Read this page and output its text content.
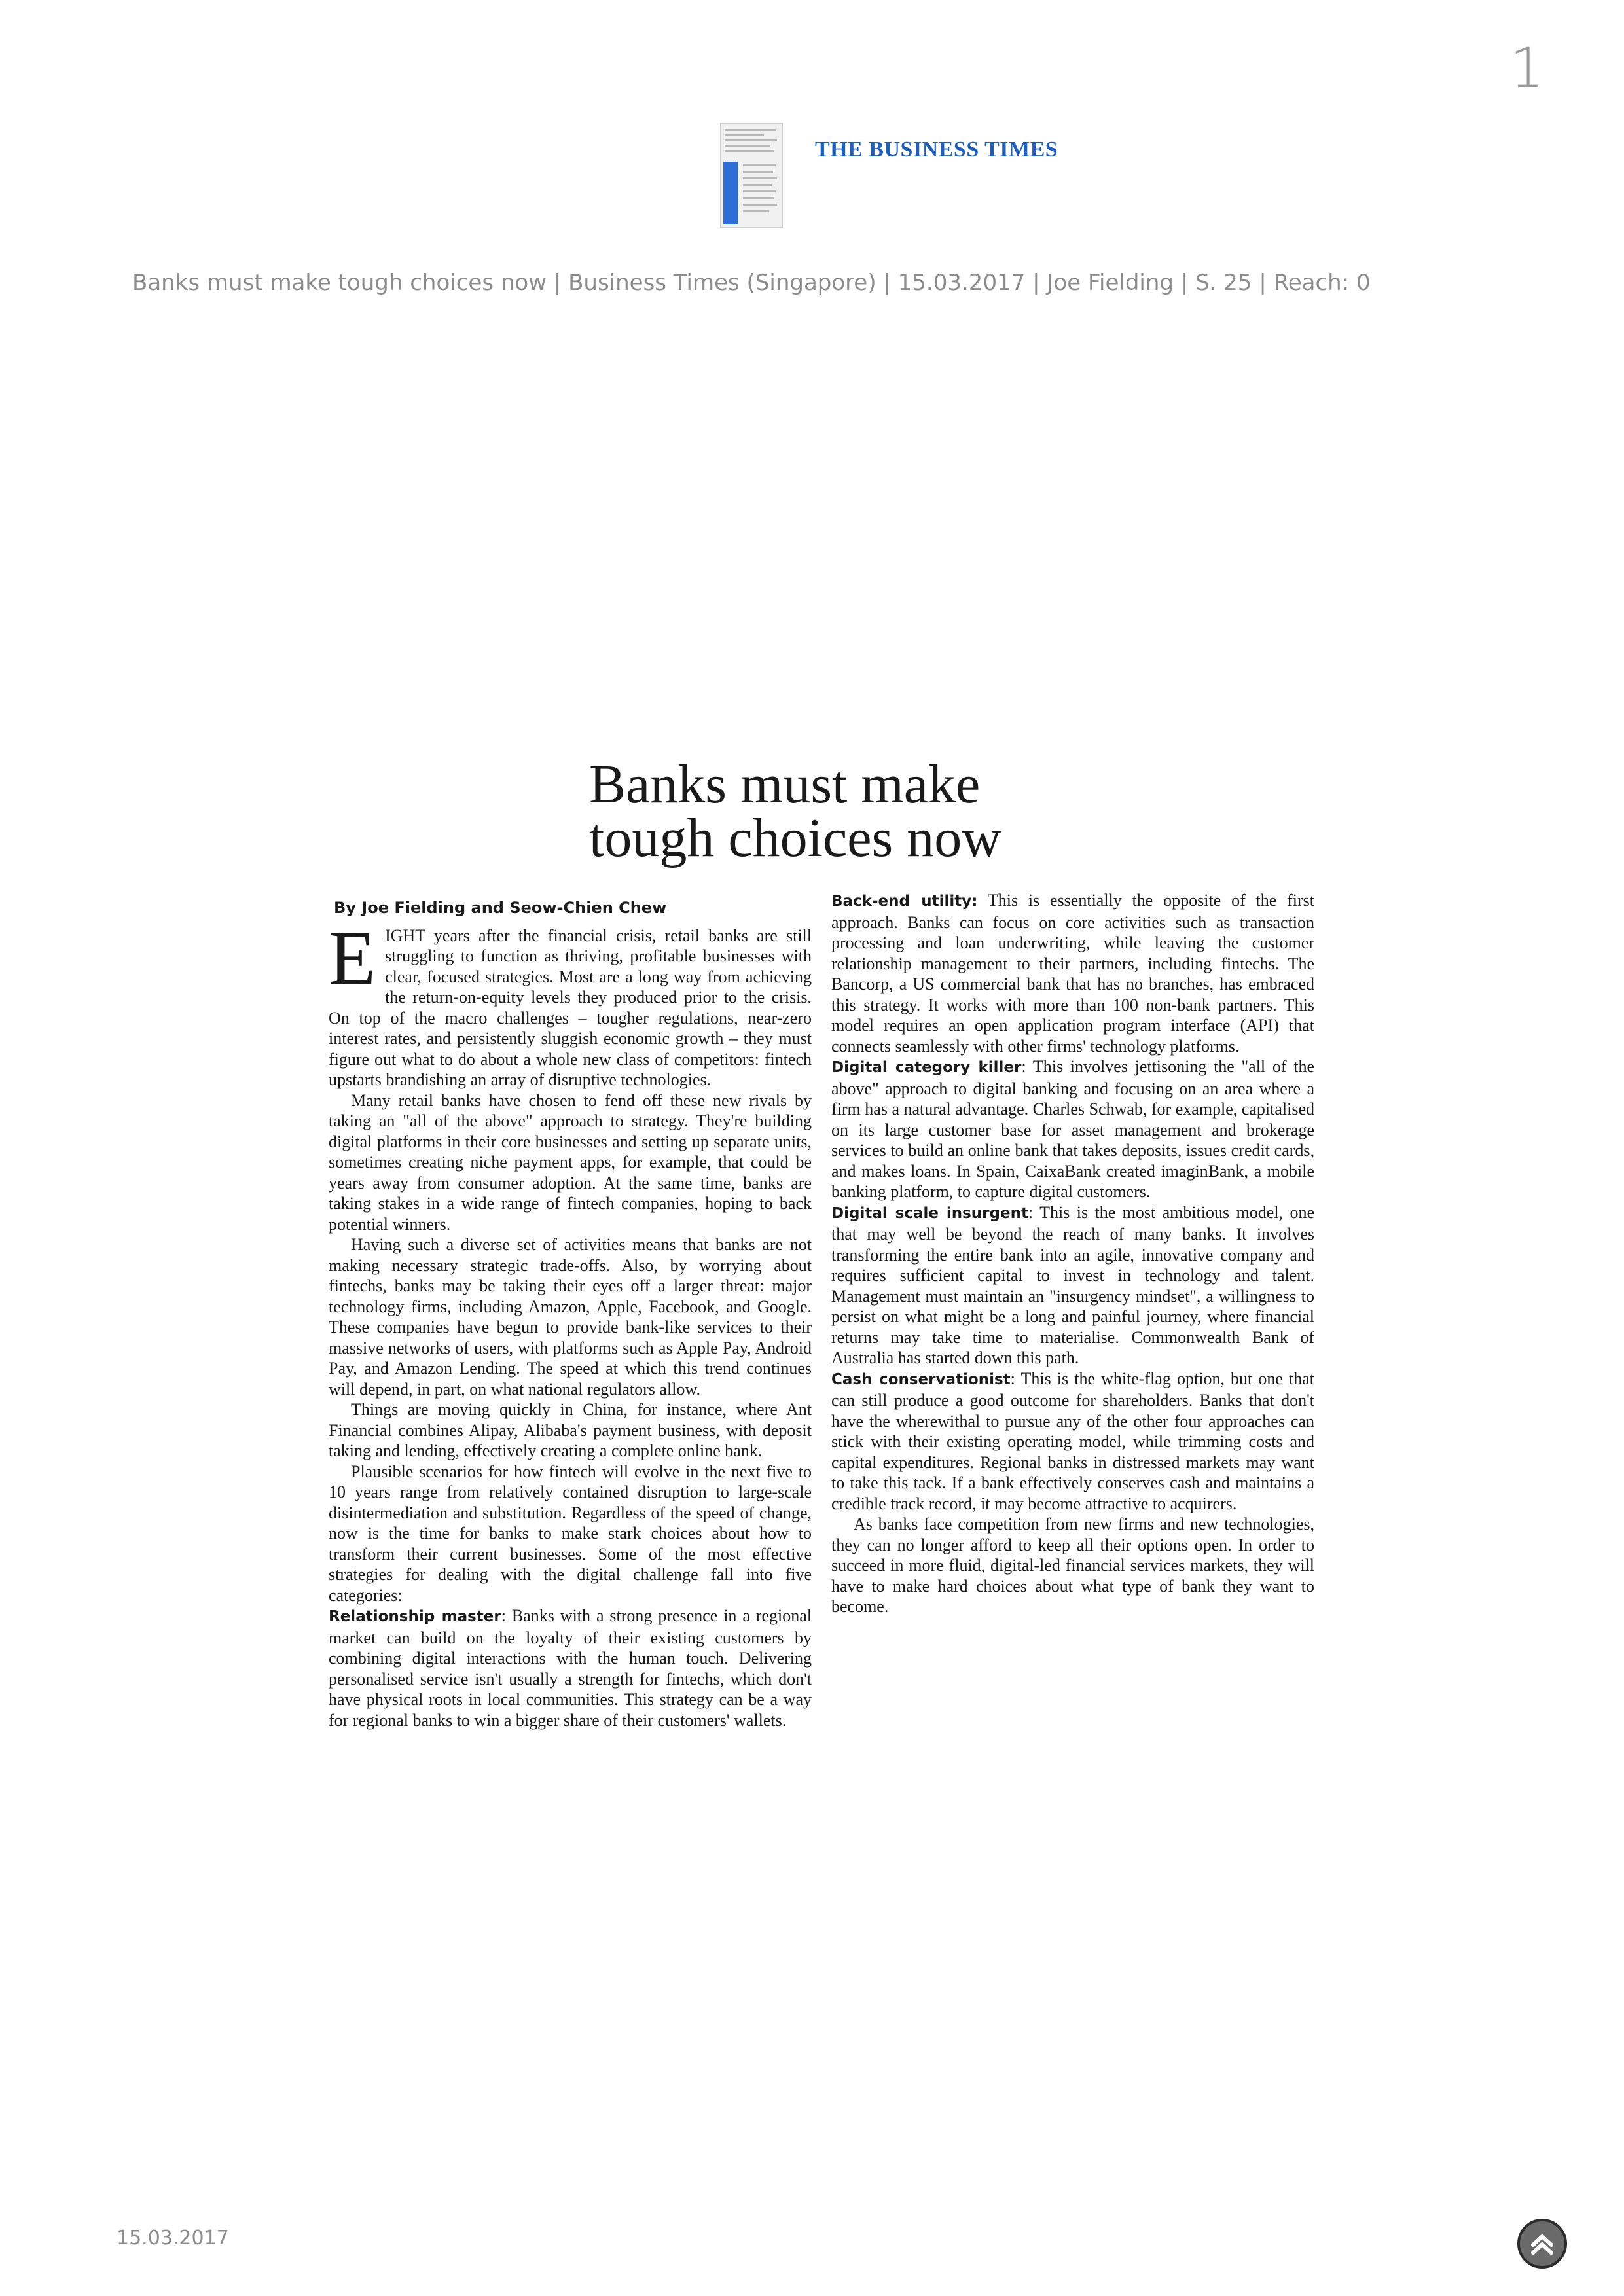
1
THE BUSINESS TIMES
Banks must make tough choices now | Business Times (Singapore) | 15.03.2017 | Joe Fielding | S. 25 | Reach: 0
Banks must make
tough choices now
By Joe Fielding and Seow-Chien Chew

EIGHT years after the financial crisis, retail banks are still struggling to function as thriving, profitable businesses with clear, focused strategies. Most are a long way from achieving the return-on-equity levels they produced prior to the crisis. On top of the macro challenges – tougher regulations, near-zero interest rates, and persistently sluggish economic growth – they must figure out what to do about a whole new class of competitors: fintech upstarts brandishing an array of disruptive technologies.

Many retail banks have chosen to fend off these new rivals by taking an "all of the above" approach to strategy. They're building digital platforms in their core businesses and setting up separate units, sometimes creating niche payment apps, for example, that could be years away from consumer adoption. At the same time, banks are taking stakes in a wide range of fintech companies, hoping to back potential winners.

Having such a diverse set of activities means that banks are not making necessary strategic trade-offs. Also, by worrying about fintechs, banks may be taking their eyes off a larger threat: major technology firms, including Amazon, Apple, Facebook, and Google. These companies have begun to provide bank-like services to their massive networks of users, with platforms such as Apple Pay, Android Pay, and Amazon Lending. The speed at which this trend continues will depend, in part, on what national regulators allow.

Things are moving quickly in China, for instance, where Ant Financial combines Alipay, Alibaba's payment business, with deposit taking and lending, effectively creating a complete online bank.

Plausible scenarios for how fintech will evolve in the next five to 10 years range from relatively contained disruption to large-scale disintermediation and substitution. Regardless of the speed of change, now is the time for banks to make stark choices about how to transform their current businesses. Some of the most effective strategies for dealing with the digital challenge fall into five categories:

Relationship master: Banks with a strong presence in a regional market can build on the loyalty of their existing customers by combining digital interactions with the human touch. Delivering personalised service isn't usually a strength for fintechs, which don't have physical roots in local communities. This strategy can be a way for regional banks to win a bigger share of their customers' wallets.

Back-end utility: This is essentially the opposite of the first approach. Banks can focus on core activities such as transaction processing and loan underwriting, while leaving the customer relationship management to their partners, including fintechs. The Bancorp, a US commercial bank that has no branches, has embraced this strategy. It works with more than 100 non-bank partners. This model requires an open application program interface (API) that connects seamlessly with other firms' technology platforms.

Digital category killer: This involves jettisoning the "all of the above" approach to digital banking and focusing on an area where a firm has a natural advantage. Charles Schwab, for example, capitalised on its large customer base for asset management and brokerage services to build an online bank that takes deposits, issues credit cards, and makes loans. In Spain, CaixaBank created imaginBank, a mobile banking platform, to capture digital customers.

Digital scale insurgent: This is the most ambitious model, one that may well be beyond the reach of many banks. It involves transforming the entire bank into an agile, innovative company and requires sufficient capital to invest in technology and talent. Management must maintain an "insurgency mindset", a willingness to persist on what might be a long and painful journey, where financial returns may take time to materialise. Commonwealth Bank of Australia has started down this path.

Cash conservationist: This is the white-flag option, but one that can still produce a good outcome for shareholders. Banks that don't have the wherewithal to pursue any of the other four approaches can stick with their existing operating model, while trimming costs and capital expenditures. Regional banks in distressed markets may want to take this tack. If a bank effectively conserves cash and maintains a credible track record, it may become attractive to acquirers.

As banks face competition from new firms and new technologies, they can no longer afford to keep all their options open. In order to succeed in more fluid, digital-led financial services markets, they will have to make hard choices about what type of bank they want to become.

15.03.2017
